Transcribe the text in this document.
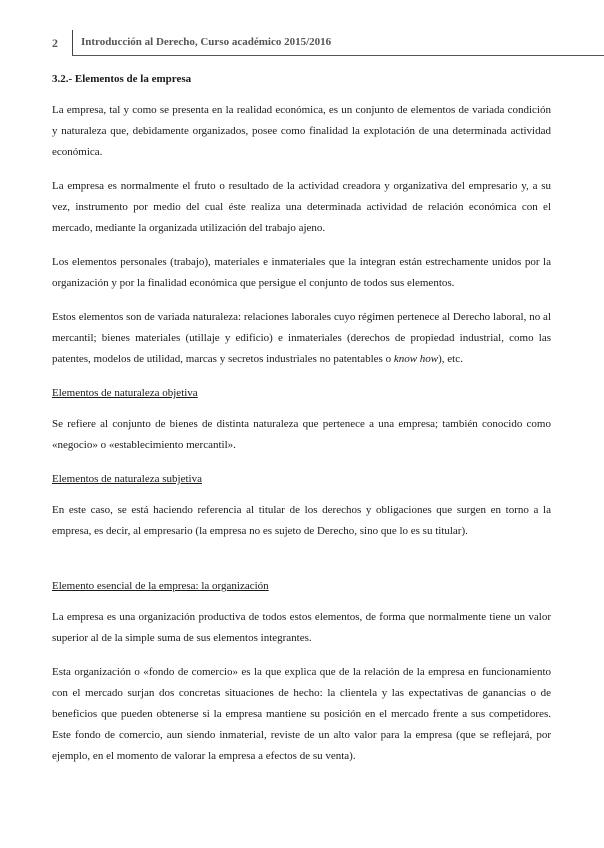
2 Introducción al Derecho, Curso académico 2015/2016
3.2.- Elementos de la empresa

La empresa, tal y como se presenta en la realidad económica, es un conjunto de elementos de variada condición y naturaleza que, debidamente organizados, posee como finalidad la explotación de una determinada actividad económica.

La empresa es normalmente el fruto o resultado de la actividad creadora y organizativa del empresario y, a su vez, instrumento por medio del cual éste realiza una determinada actividad de relación económica con el mercado, mediante la organizada utilización del trabajo ajeno.

Los elementos personales (trabajo), materiales e inmateriales que la integran están estrechamente unidos por la organización y por la finalidad económica que persigue el conjunto de todos sus elementos.

Estos elementos son de variada naturaleza: relaciones laborales cuyo régimen pertenece al Derecho laboral, no al mercantil; bienes materiales (utillaje y edificio) e inmateriales (derechos de propiedad industrial, como las patentes, modelos de utilidad, marcas y secretos industriales no patentables o know how), etc.

Elementos de naturaleza objetiva

Se refiere al conjunto de bienes de distinta naturaleza que pertenece a una empresa; también conocido como «negocio» o «establecimiento mercantil».

Elementos de naturaleza subjetiva

En este caso, se está haciendo referencia al titular de los derechos y obligaciones que surgen en torno a la empresa, es decir, al empresario (la empresa no es sujeto de Derecho, sino que lo es su titular).

Elemento esencial de la empresa: la organización

La empresa es una organización productiva de todos estos elementos, de forma que normalmente tiene un valor superior al de la simple suma de sus elementos integrantes.

Esta organización o «fondo de comercio» es la que explica que de la relación de la empresa en funcionamiento con el mercado surjan dos concretas situaciones de hecho: la clientela y las expectativas de ganancias o de beneficios que pueden obtenerse si la empresa mantiene su posición en el mercado frente a sus competidores. Este fondo de comercio, aun siendo inmaterial, reviste de un alto valor para la empresa (que se reflejará, por ejemplo, en el momento de valorar la empresa a efectos de su venta).
